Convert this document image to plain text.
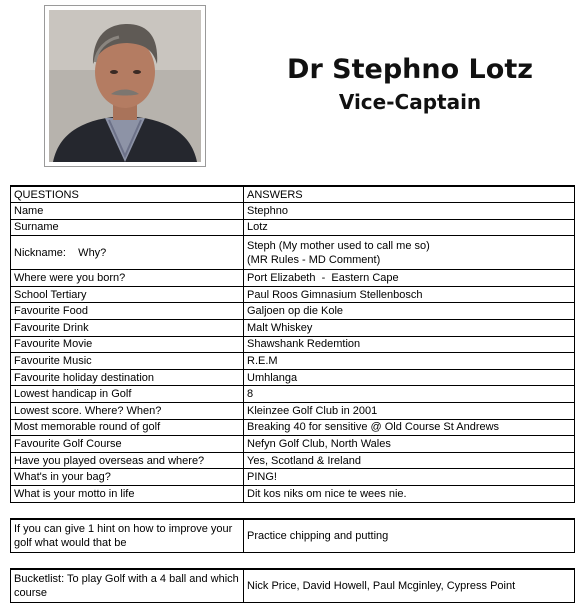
Dr Stephno Lotz
Vice-Captain
QUESTIONS	ANSWERS
Name	Stephno
Surname	Lotz
Nickname:    Why?	Steph (My mother used to call me so)
(MR Rules - MD Comment)

Where were you born?	Port Elizabeth  -  Eastern Cape
School Tertiary	Paul Roos Gimnasium Stellenbosch
Favourite Food	Galjoen op die Kole
Favourite Drink	Malt Whiskey
Favourite Movie	Shawshank Redemtion
Favourite Music	R.E.M
Favourite holiday destination	Umhlanga
Lowest handicap in Golf	8
Lowest score. Where? When?	Kleinzee Golf Club in 2001
Most memorable round of golf	Breaking 40 for sensitive @ Old Course St Andrews
Favourite Golf Course	Nefyn Golf Club, North Wales
Have you played overseas and where?	Yes, Scotland & Ireland
What's in your bag?	PING!
What is your motto in life	Dit kos niks om nice te wees nie.
If you can give 1 hint on how to improve your golf what would that be	Practice chipping and putting
Bucketlist: To play Golf with a 4 ball and which course	Nick Price, David Howell, Paul Mcginley, Cypress Point
